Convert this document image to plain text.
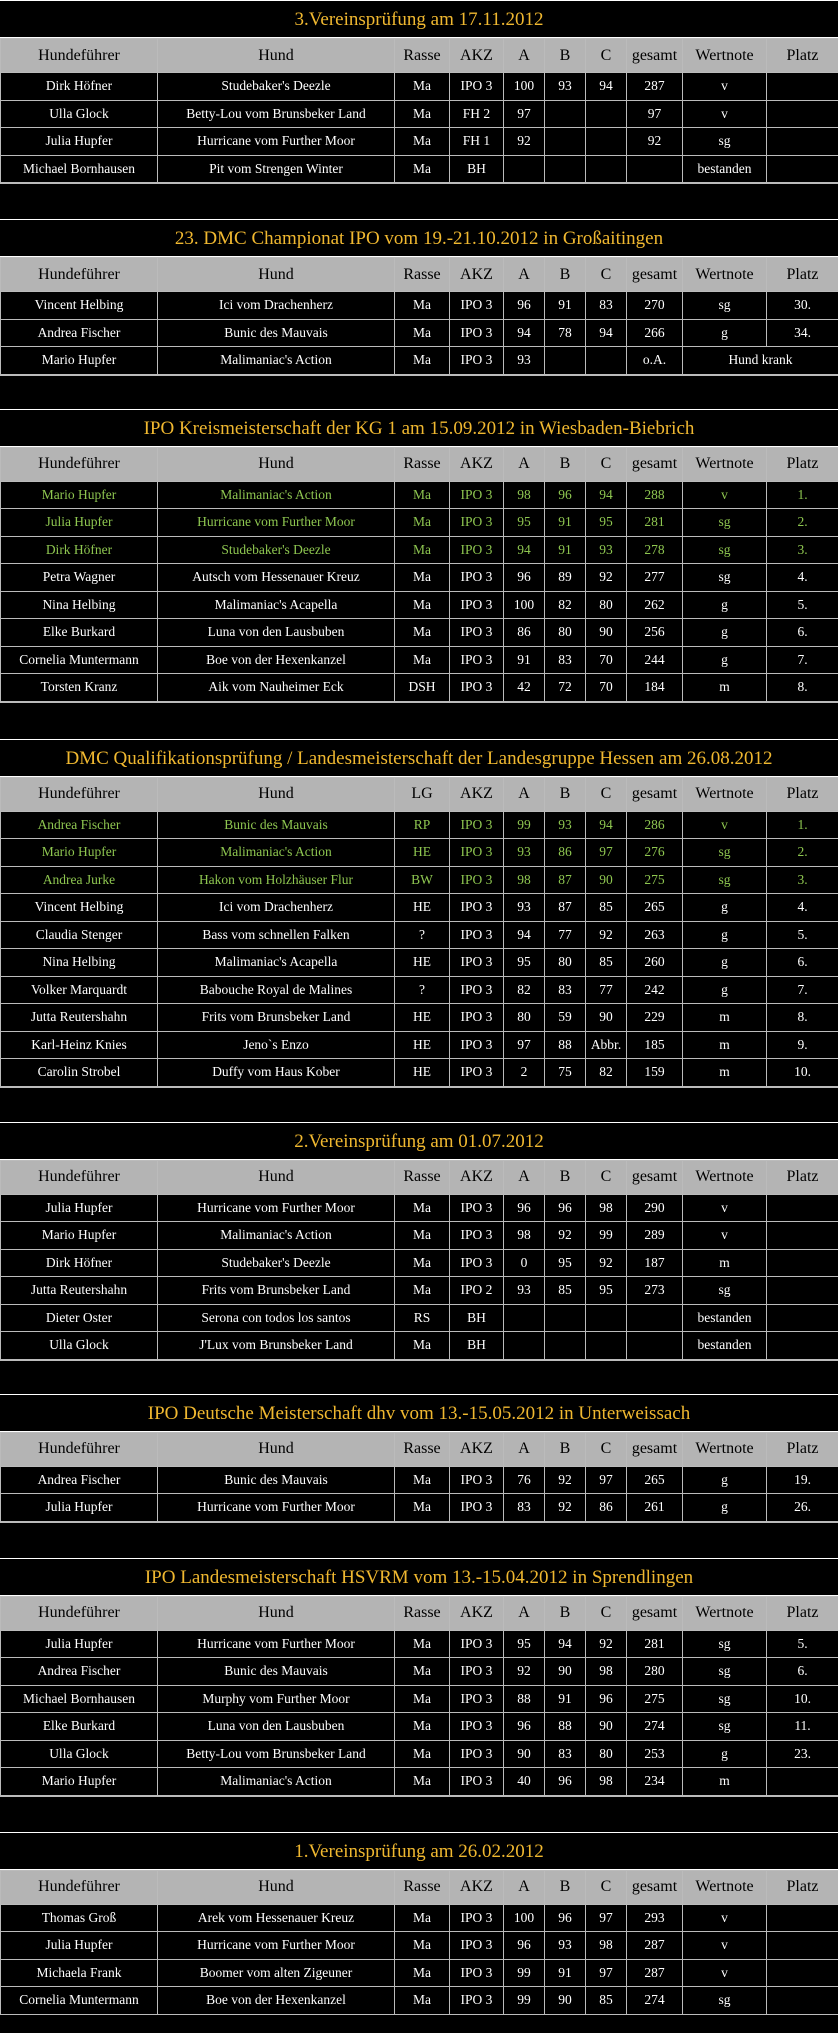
3.Vereinsprüfung am 17.11.2012
Hundeführer	Hund	Rasse	AKZ	A	B	C	gesamt	Wertnote	Platz
Dirk Höfner	Studebaker's Deezle	Ma	IPO 3	100	93	94	287	v	
Ulla Glock	Betty-Lou vom Brunsbeker Land	Ma	FH 2	97			97	v	
Julia Hupfer	Hurricane vom Further Moor	Ma	FH 1	92			92	sg	
Michael Bornhausen	Pit vom Strengen Winter	Ma	BH					bestanden	
23. DMC Championat IPO vom 19.-21.10.2012 in Großaitingen
Hundeführer	Hund	Rasse	AKZ	A	B	C	gesamt	Wertnote	Platz
Vincent Helbing	Ici vom Drachenherz	Ma	IPO 3	96	91	83	270	sg	30.
Andrea Fischer	Bunic des Mauvais	Ma	IPO 3	94	78	94	266	g	34.
Mario Hupfer	Malimaniac's Action	Ma	IPO 3	93			o.A.	Hund krank	
IPO Kreismeisterschaft der KG 1 am 15.09.2012 in Wiesbaden-Biebrich
Hundeführer	Hund	Rasse	AKZ	A	B	C	gesamt	Wertnote	Platz
Mario Hupfer	Malimaniac's Action	Ma	IPO 3	98	96	94	288	v	1.
Julia Hupfer	Hurricane vom Further Moor	Ma	IPO 3	95	91	95	281	sg	2.
Dirk Höfner	Studebaker's Deezle	Ma	IPO 3	94	91	93	278	sg	3.
Petra Wagner	Autsch vom Hessenauer Kreuz	Ma	IPO 3	96	89	92	277	sg	4.
Nina Helbing	Malimaniac's Acapella	Ma	IPO 3	100	82	80	262	g	5.
Elke Burkard	Luna von den Lausbuben	Ma	IPO 3	86	80	90	256	g	6.
Cornelia Muntermann	Boe von der Hexenkanzel	Ma	IPO 3	91	83	70	244	g	7.
Torsten Kranz	Aik vom Nauheimer Eck	DSH	IPO 3	42	72	70	184	m	8.
DMC Qualifikationsprüfung / Landesmeisterschaft der Landesgruppe Hessen am 26.08.2012
Hundeführer	Hund	LG	AKZ	A	B	C	gesamt	Wertnote	Platz
Andrea Fischer	Bunic des Mauvais	RP	IPO 3	99	93	94	286	v	1.
Mario Hupfer	Malimaniac's Action	HE	IPO 3	93	86	97	276	sg	2.
Andrea Jurke	Hakon vom Holzhäuser Flur	BW	IPO 3	98	87	90	275	sg	3.
Vincent Helbing	Ici vom Drachenherz	HE	IPO 3	93	87	85	265	g	4.
Claudia Stenger	Bass vom schnellen Falken	?	IPO 3	94	77	92	263	g	5.
Nina Helbing	Malimaniac's Acapella	HE	IPO 3	95	80	85	260	g	6.
Volker Marquardt	Babouche Royal de Malines	?	IPO 3	82	83	77	242	g	7.
Jutta Reutershahn	Frits vom Brunsbeker Land	HE	IPO 3	80	59	90	229	m	8.
Karl-Heinz Knies	Jeno`s Enzo	HE	IPO 3	97	88	Abbr.	185	m	9.
Carolin Strobel	Duffy vom Haus Kober	HE	IPO 3	2	75	82	159	m	10.
2.Vereinsprüfung am 01.07.2012
Hundeführer	Hund	Rasse	AKZ	A	B	C	gesamt	Wertnote	Platz
Julia Hupfer	Hurricane vom Further Moor	Ma	IPO 3	96	96	98	290	v	
Mario Hupfer	Malimaniac's Action	Ma	IPO 3	98	92	99	289	v	
Dirk Höfner	Studebaker's Deezle	Ma	IPO 3	0	95	92	187	m	
Jutta Reutershahn	Frits vom Brunsbeker Land	Ma	IPO 2	93	85	95	273	sg	
Dieter Oster	Serona con todos los santos	RS	BH					bestanden	
Ulla Glock	J'Lux vom Brunsbeker Land	Ma	BH					bestanden	
IPO Deutsche Meisterschaft dhv vom 13.-15.05.2012 in Unterweissach
Hundeführer	Hund	Rasse	AKZ	A	B	C	gesamt	Wertnote	Platz
Andrea Fischer	Bunic des Mauvais	Ma	IPO 3	76	92	97	265	g	19.
Julia Hupfer	Hurricane vom Further Moor	Ma	IPO 3	83	92	86	261	g	26.
IPO Landesmeisterschaft HSVRM vom 13.-15.04.2012 in Sprendlingen
Hundeführer	Hund	Rasse	AKZ	A	B	C	gesamt	Wertnote	Platz
Julia Hupfer	Hurricane vom Further Moor	Ma	IPO 3	95	94	92	281	sg	5.
Andrea Fischer	Bunic des Mauvais	Ma	IPO 3	92	90	98	280	sg	6.
Michael Bornhausen	Murphy vom Further Moor	Ma	IPO 3	88	91	96	275	sg	10.
Elke Burkard	Luna von den Lausbuben	Ma	IPO 3	96	88	90	274	sg	11.
Ulla Glock	Betty-Lou vom Brunsbeker Land	Ma	IPO 3	90	83	80	253	g	23.
Mario Hupfer	Malimaniac's Action	Ma	IPO 3	40	96	98	234	m	
1.Vereinsprüfung am 26.02.2012
Hundeführer	Hund	Rasse	AKZ	A	B	C	gesamt	Wertnote	Platz
Thomas Groß	Arek vom Hessenauer Kreuz	Ma	IPO 3	100	96	97	293	v	
Julia Hupfer	Hurricane vom Further Moor	Ma	IPO 3	96	93	98	287	v	
Michaela Frank	Boomer vom alten Zigeuner	Ma	IPO 3	99	91	97	287	v	
Cornelia Muntermann	Boe von der Hexenkanzel	Ma	IPO 3	99	90	85	274	sg	
